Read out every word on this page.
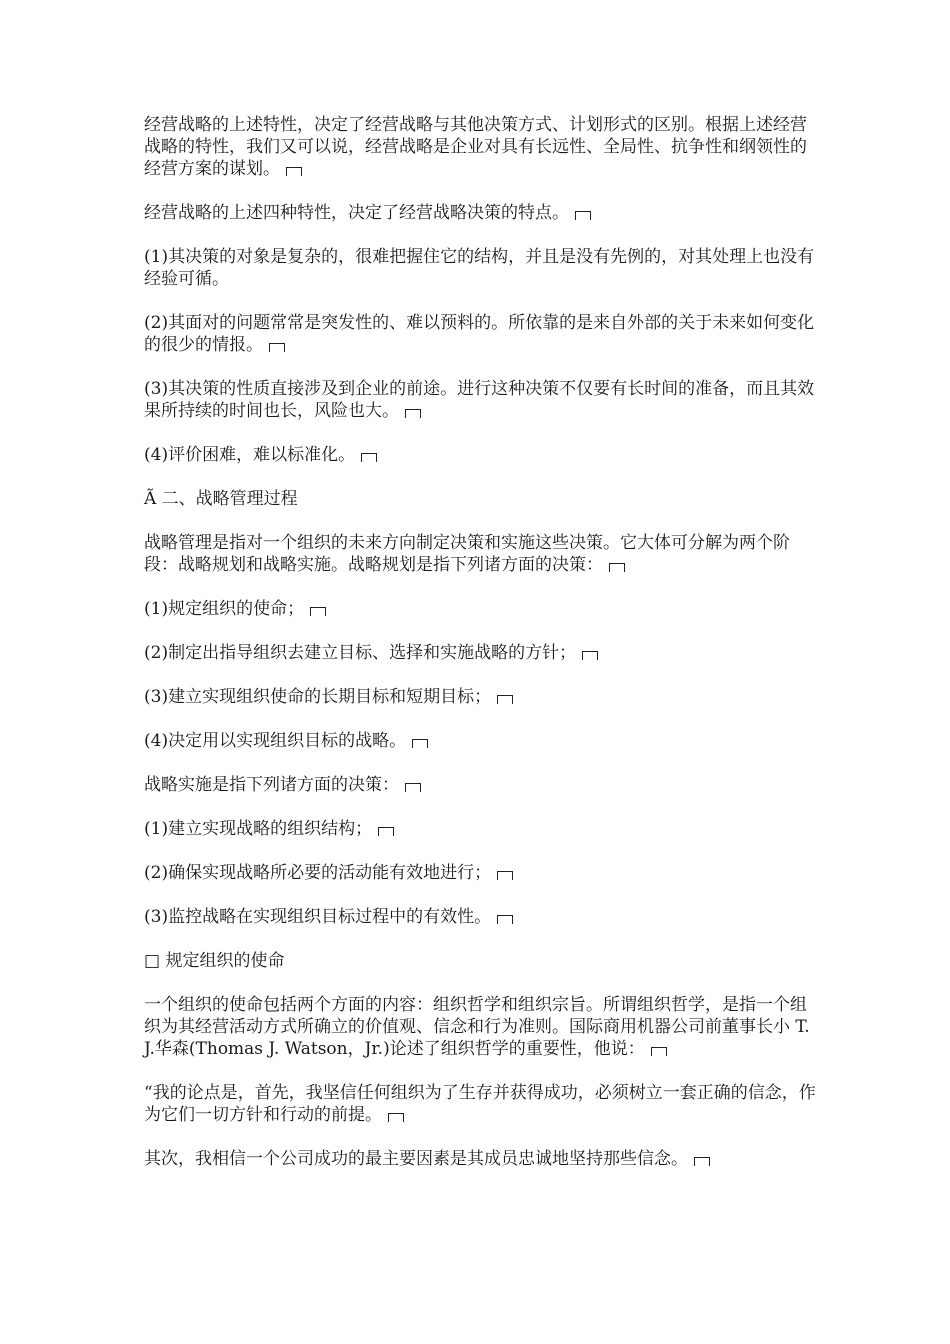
经营战略的上述特性，决定了经营战略与其他决策方式、计划形式的区别。根据上述经营战略的特性，我们又可以说，经营战略是企业对具有长远性、全局性、抗争性和纲领性的经营方案的谋划。

经营战略的上述四种特性，决定了经营战略决策的特点。

(1)其决策的对象是复杂的，很难把握住它的结构，并且是没有先例的，对其处理上也没有经验可循。

(2)其面对的问题常常是突发性的、难以预料的。所依靠的是来自外部的关于未来如何变化的很少的情报。

(3)其决策的性质直接涉及到企业的前途。进行这种决策不仅要有长时间的准备，而且其效果所持续的时间也长，风险也大。

(4)评价困难，难以标准化。

Ã 二、战略管理过程

战略管理是指对一个组织的未来方向制定决策和实施这些决策。它大体可分解为两个阶段：战略规划和战略实施。战略规划是指下列诸方面的决策：

(1)规定组织的使命；

(2)制定出指导组织去建立目标、选择和实施战略的方针；

(3)建立实现组织使命的长期目标和短期目标；

(4)决定用以实现组织目标的战略。

战略实施是指下列诸方面的决策：

(1)建立实现战略的组织结构；

(2)确保实现战略所必要的活动能有效地进行；

(3)监控战略在实现组织目标过程中的有效性。

□ 规定组织的使命

一个组织的使命包括两个方面的内容：组织哲学和组织宗旨。所谓组织哲学，是指一个组织为其经营活动方式所确立的价值观、信念和行为准则。国际商用机器公司前董事长小 T.J.华森(Thomas J. Watson，Jr.)论述了组织哲学的重要性，他说：

“我的论点是，首先，我坚信任何组织为了生存并获得成功，必须树立一套正确的信念，作为它们一切方针和行动的前提。

其次，我相信一个公司成功的最主要因素是其成员忠诚地坚持那些信念。
